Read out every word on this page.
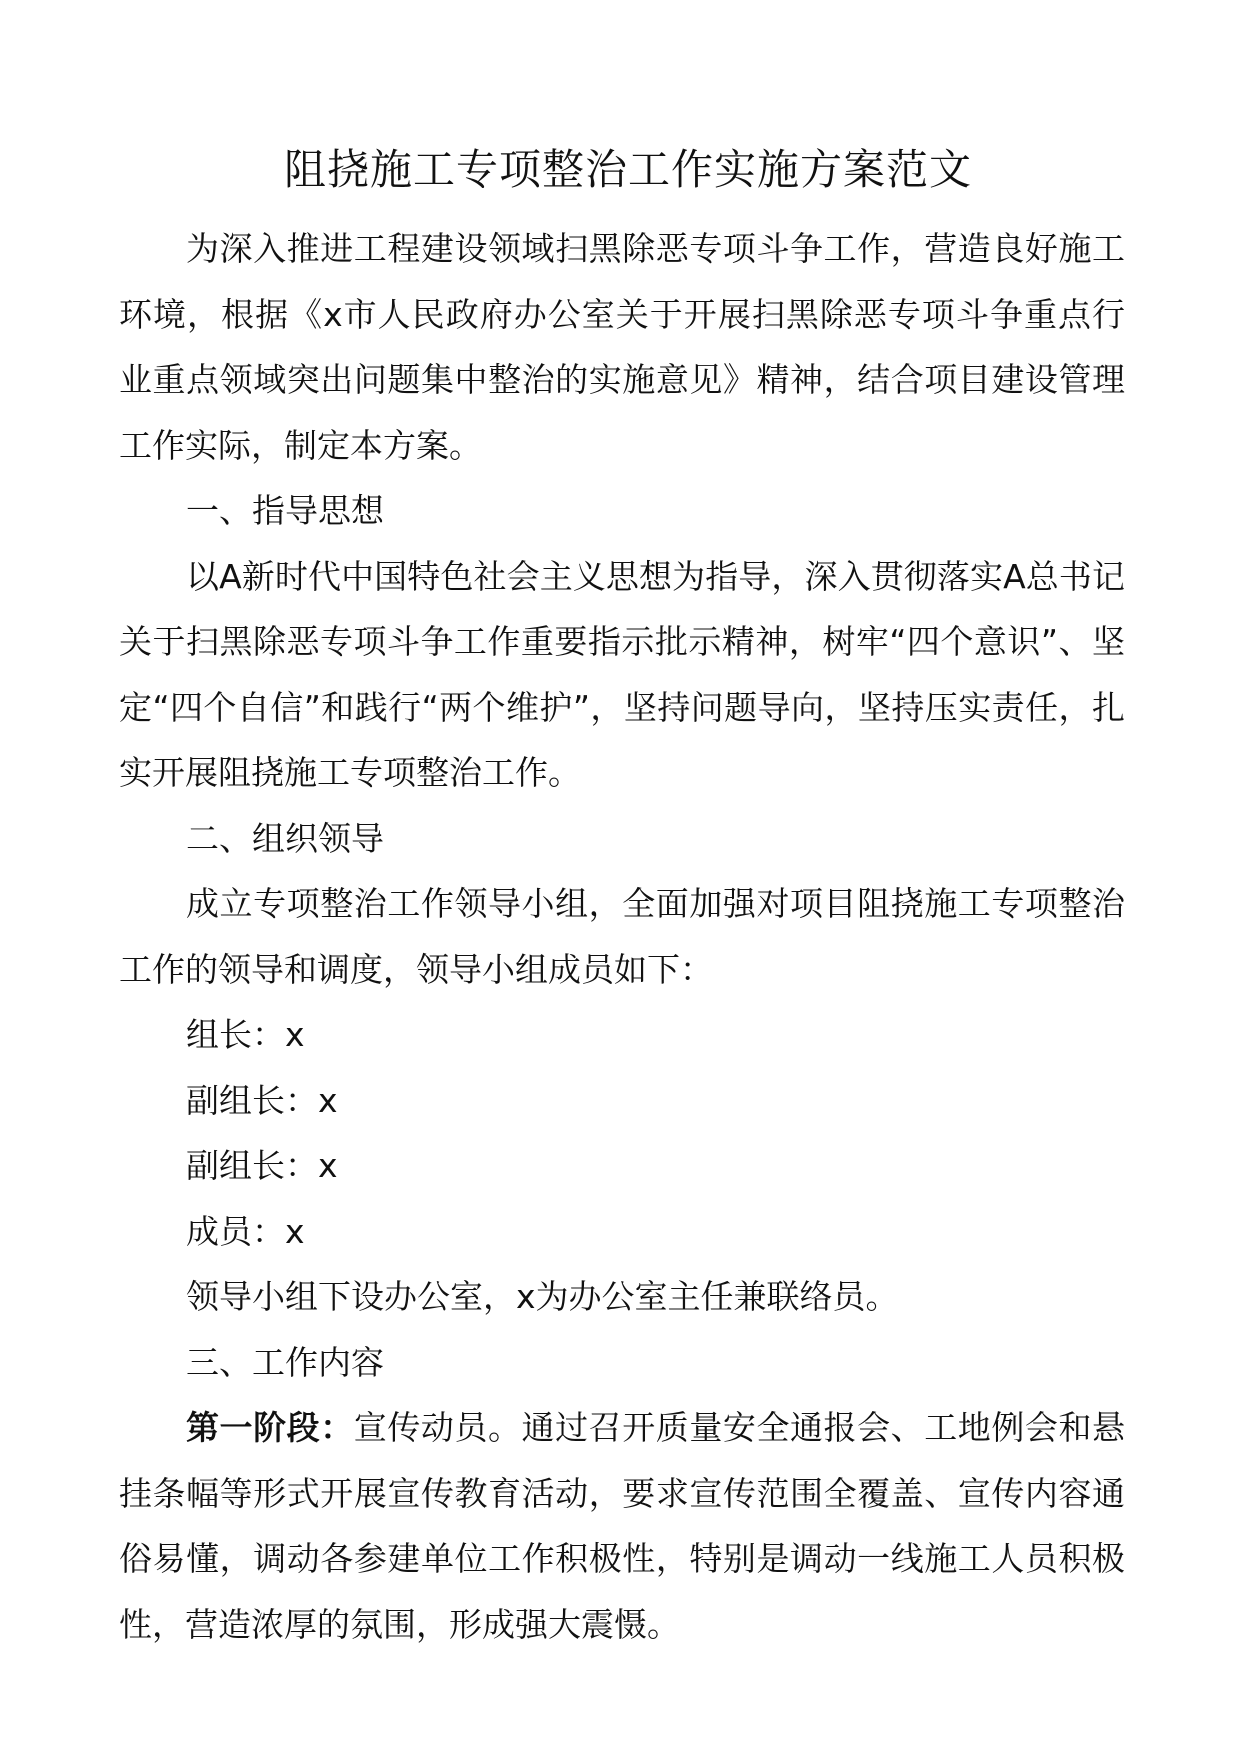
阻挠施工专项整治工作实施方案范文

为深入推进工程建设领域扫黑除恶专项斗争工作，营造良好施工环境，根据《x市人民政府办公室关于开展扫黑除恶专项斗争重点行业重点领域突出问题集中整治的实施意见》精神，结合项目建设管理工作实际，制定本方案。

一、指导思想

以A新时代中国特色社会主义思想为指导，深入贯彻落实A总书记关于扫黑除恶专项斗争工作重要指示批示精神，树牢“四个意识”、坚定“四个自信”和践行“两个维护”，坚持问题导向，坚持压实责任，扎实开展阻挠施工专项整治工作。

二、组织领导

成立专项整治工作领导小组，全面加强对项目阻挠施工专项整治工作的领导和调度，领导小组成员如下：

组长：x

副组长：x

副组长：x

成员：x

领导小组下设办公室，x为办公室主任兼联络员。

三、工作内容

第一阶段：宣传动员。通过召开质量安全通报会、工地例会和悬挂条幅等形式开展宣传教育活动，要求宣传范围全覆盖、宣传内容通俗易懂，调动各参建单位工作积极性，特别是调动一线施工人员积极性，营造浓厚的氛围，形成强大震慑。
